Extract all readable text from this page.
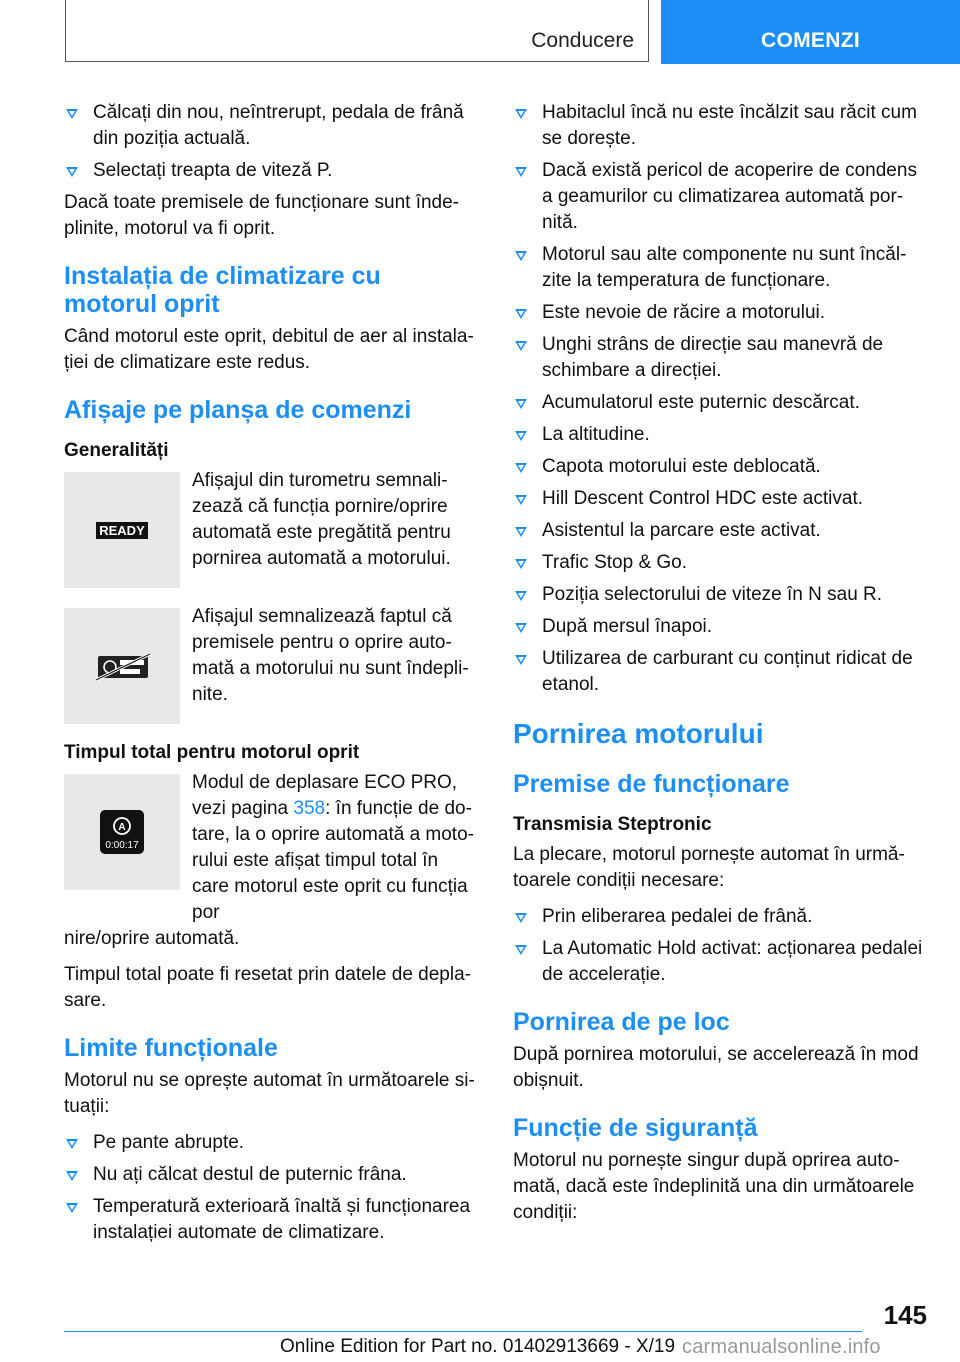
Conducere	COMENZI
Călcați din nou, neîntrerupt, pedala de frână din poziția actuală.
Selectați treapta de viteză P.

Dacă toate premisele de funcționare sunt îndeplinite, motorul va fi oprit.

Instalația de climatizare cu motorul oprit

Când motorul este oprit, debitul de aer al instalației de climatizare este redus.

Afișaje pe planșa de comenzi
Generalități
READY

Afișajul din turometru semnalizează că funcția pornire/oprire automată este pregătită pentru pornirea automată a motorului.

Afișajul semnalizează faptul că premisele pentru o oprire automată a motorului nu sunt îndeplinite.

Timpul total pentru motorul oprit
A
0:00:17

Modul de deplasare ECO PRO, vezi pagina 358: în funcție de dotare, la o oprire automată a motorului este afișat timpul total în care motorul este oprit cu funcția por

nire/oprire automată.

Timpul total poate fi resetat prin datele de deplasare.

Limite funcționale

Motorul nu se oprește automat în următoarele situații:

Pe pante abrupte.
Nu ați călcat destul de puternic frâna.
Temperatură exterioară înaltă și funcționarea instalației automate de climatizare.
Habitaclul încă nu este încălzit sau răcit cum se dorește.
Dacă există pericol de acoperire de condens a geamurilor cu climatizarea automată pornită.
Motorul sau alte componente nu sunt încălzite la temperatura de funcționare.
Este nevoie de răcire a motorului.
Unghi strâns de direcție sau manevră de schimbare a direcției.
Acumulatorul este puternic descărcat.
La altitudine.
Capota motorului este deblocată.
Hill Descent Control HDC este activat.
Asistentul la parcare este activat.
Trafic Stop & Go.
Poziția selectorului de viteze în N sau R.
După mersul înapoi.
Utilizarea de carburant cu conținut ridicat de etanol.
Pornirea motorului
Premise de funcționare
Transmisia Steptronic

La plecare, motorul pornește automat în următoarele condiții necesare:

Prin eliberarea pedalei de frână.
La Automatic Hold activat: acționarea pedalei de accelerație.
Pornirea de pe loc

După pornirea motorului, se accelerează în mod obișnuit.

Funcție de siguranță

Motorul nu pornește singur după oprirea automată, dacă este îndeplinită una din următoarele condiții:

145
Online Edition for Part no. 01402913669 - X/19 carmanualsonline.info
